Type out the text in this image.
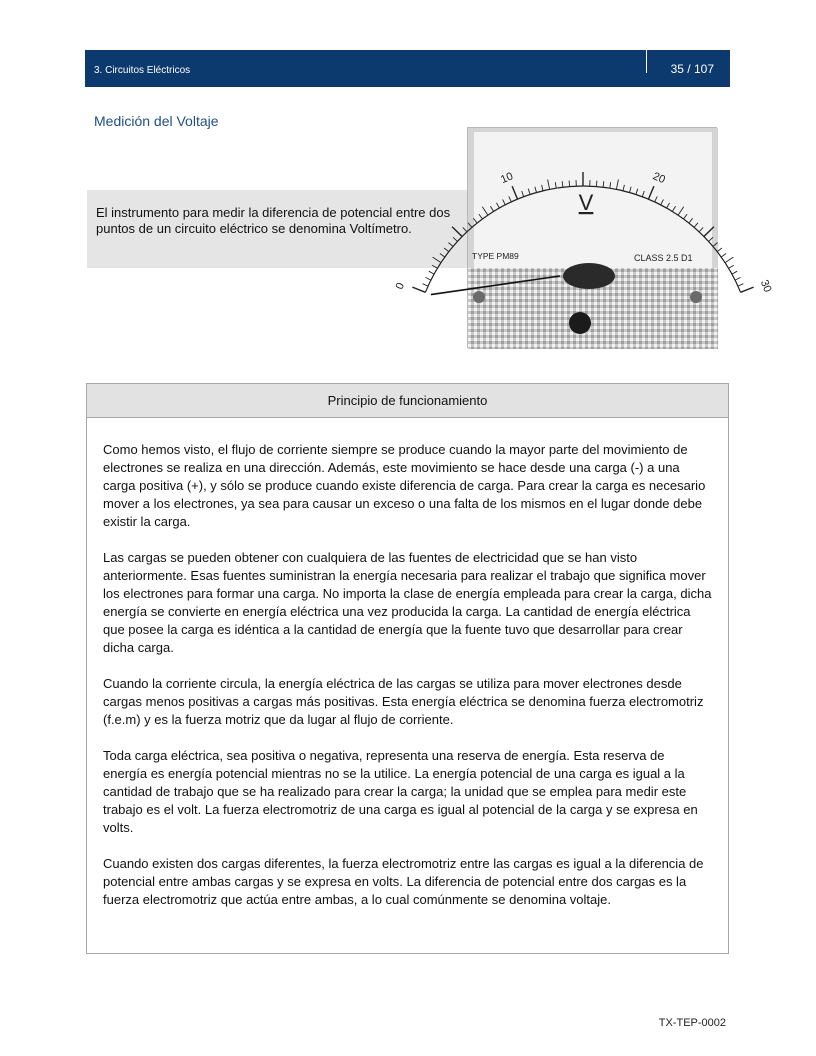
3. Circuitos Eléctricos	35 / 107
Medición del Voltaje
El instrumento para medir la diferencia de potencial entre dos puntos de un circuito eléctrico se denomina Voltímetro.
0
10	20
30
V
TYPE PM89	CLASS 2.5 D1
Principio de funcionamiento

Como hemos visto, el flujo de corriente siempre se produce cuando la mayor parte del movimiento de electrones se realiza en una dirección. Además, este movimiento se hace desde una carga (-) a una carga positiva (+), y sólo se produce cuando existe diferencia de carga. Para crear la carga es necesario mover a los electrones, ya sea para causar un exceso o una falta de los mismos en el lugar donde debe existir la carga.

Las cargas se pueden obtener con cualquiera de las fuentes de electricidad que se han visto anteriormente. Esas fuentes suministran la energía necesaria para realizar el trabajo que significa mover los electrones para formar una carga. No importa la clase de energía empleada para crear la carga, dicha energía se convierte en energía eléctrica una vez producida la carga. La cantidad de energía eléctrica que posee la carga es idéntica a la cantidad de energía que la fuente tuvo que desarrollar para crear dicha carga.

Cuando la corriente circula, la energía eléctrica de las cargas se utiliza para mover electrones desde cargas menos positivas a cargas más positivas. Esta energía eléctrica se denomina fuerza electromotriz (f.e.m) y es la fuerza motriz que da lugar al flujo de corriente.

Toda carga eléctrica, sea positiva o negativa, representa una reserva de energía. Esta reserva de energía es energía potencial mientras no se la utilice. La energía potencial de una carga es igual a la cantidad de trabajo que se ha realizado para crear la carga; la unidad que se emplea para medir este trabajo es el volt. La fuerza electromotriz de una carga es igual al potencial de la carga y se expresa en volts.

Cuando existen dos cargas diferentes, la fuerza electromotriz entre las cargas es igual a la diferencia de potencial entre ambas cargas y se expresa en volts. La diferencia de potencial entre dos cargas es la fuerza electromotriz que actúa entre ambas, a lo cual comúnmente se denomina voltaje.

TX-TEP-0002
